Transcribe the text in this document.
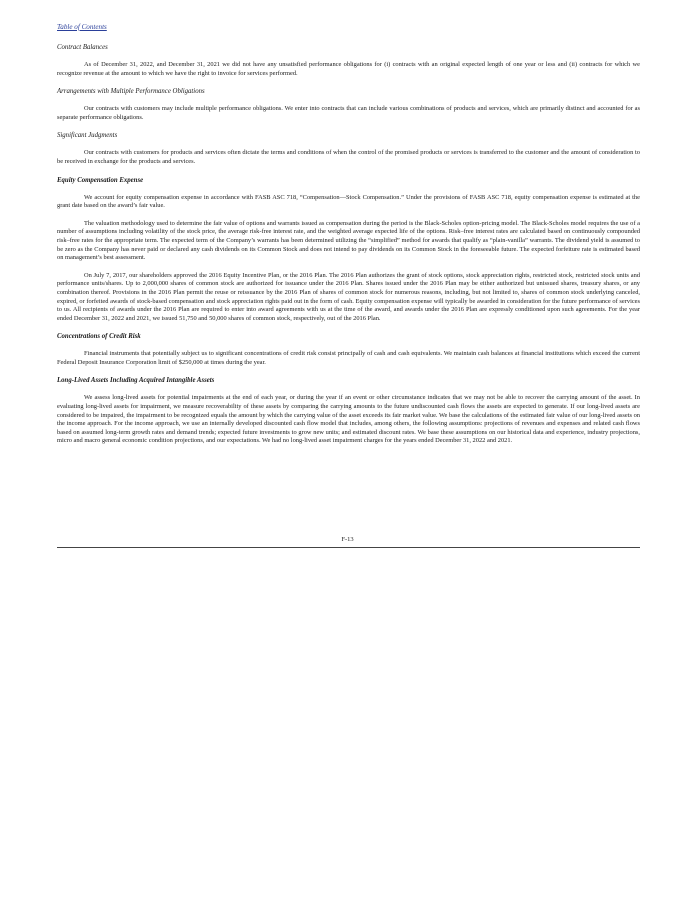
Table of Contents
Contract Balances

As of December 31, 2022, and December 31, 2021 we did not have any unsatisfied performance obligations for (i) contracts with an original expected length of one year or less and (ii) contracts for which we recognize revenue at the amount to which we have the right to invoice for services performed.

Arrangements with Multiple Performance Obligations

Our contracts with customers may include multiple performance obligations. We enter into contracts that can include various combinations of products and services, which are primarily distinct and accounted for as separate performance obligations.

Significant Judgments

Our contracts with customers for products and services often dictate the terms and conditions of when the control of the promised products or services is transferred to the customer and the amount of consideration to be received in exchange for the products and services.

Equity Compensation Expense

We account for equity compensation expense in accordance with FASB ASC 718, “Compensation—Stock Compensation.” Under the provisions of FASB ASC 718, equity compensation expense is estimated at the grant date based on the award’s fair value.

The valuation methodology used to determine the fair value of options and warrants issued as compensation during the period is the Black-Scholes option-pricing model. The Black-Scholes model requires the use of a number of assumptions including volatility of the stock price, the average risk-free interest rate, and the weighted average expected life of the options. Risk–free interest rates are calculated based on continuously compounded risk–free rates for the appropriate term. The expected term of the Company’s warrants has been determined utilizing the “simplified” method for awards that qualify as “plain-vanilla” warrants. The dividend yield is assumed to be zero as the Company has never paid or declared any cash dividends on its Common Stock and does not intend to pay dividends on its Common Stock in the foreseeable future. The expected forfeiture rate is estimated based on management’s best assessment.

On July 7, 2017, our shareholders approved the 2016 Equity Incentive Plan, or the 2016 Plan. The 2016 Plan authorizes the grant of stock options, stock appreciation rights, restricted stock, restricted stock units and performance units/shares. Up to 2,000,000 shares of common stock are authorized for issuance under the 2016 Plan. Shares issued under the 2016 Plan may be either authorized but unissued shares, treasury shares, or any combination thereof. Provisions in the 2016 Plan permit the reuse or reissuance by the 2016 Plan of shares of common stock for numerous reasons, including, but not limited to, shares of common stock underlying canceled, expired, or forfeited awards of stock-based compensation and stock appreciation rights paid out in the form of cash. Equity compensation expense will typically be awarded in consideration for the future performance of services to us. All recipients of awards under the 2016 Plan are required to enter into award agreements with us at the time of the award, and awards under the 2016 Plan are expressly conditioned upon such agreements. For the year ended December 31, 2022 and 2021, we issued 51,750 and 50,000 shares of common stock, respectively, out of the 2016 Plan.

Concentrations of Credit Risk

Financial instruments that potentially subject us to significant concentrations of credit risk consist principally of cash and cash equivalents. We maintain cash balances at financial institutions which exceed the current Federal Deposit Insurance Corporation limit of $250,000 at times during the year.

Long-Lived Assets Including Acquired Intangible Assets

We assess long-lived assets for potential impairments at the end of each year, or during the year if an event or other circumstance indicates that we may not be able to recover the carrying amount of the asset. In evaluating long-lived assets for impairment, we measure recoverability of these assets by comparing the carrying amounts to the future undiscounted cash flows the assets are expected to generate. If our long-lived assets are considered to be impaired, the impairment to be recognized equals the amount by which the carrying value of the asset exceeds its fair market value. We base the calculations of the estimated fair value of our long-lived assets on the income approach. For the income approach, we use an internally developed discounted cash flow model that includes, among others, the following assumptions: projections of revenues and expenses and related cash flows based on assumed long-term growth rates and demand trends; expected future investments to grow new units; and estimated discount rates. We base these assumptions on our historical data and experience, industry projections, micro and macro general economic condition projections, and our expectations. We had no long-lived asset impairment charges for the years ended December 31, 2022 and 2021.

F-13
